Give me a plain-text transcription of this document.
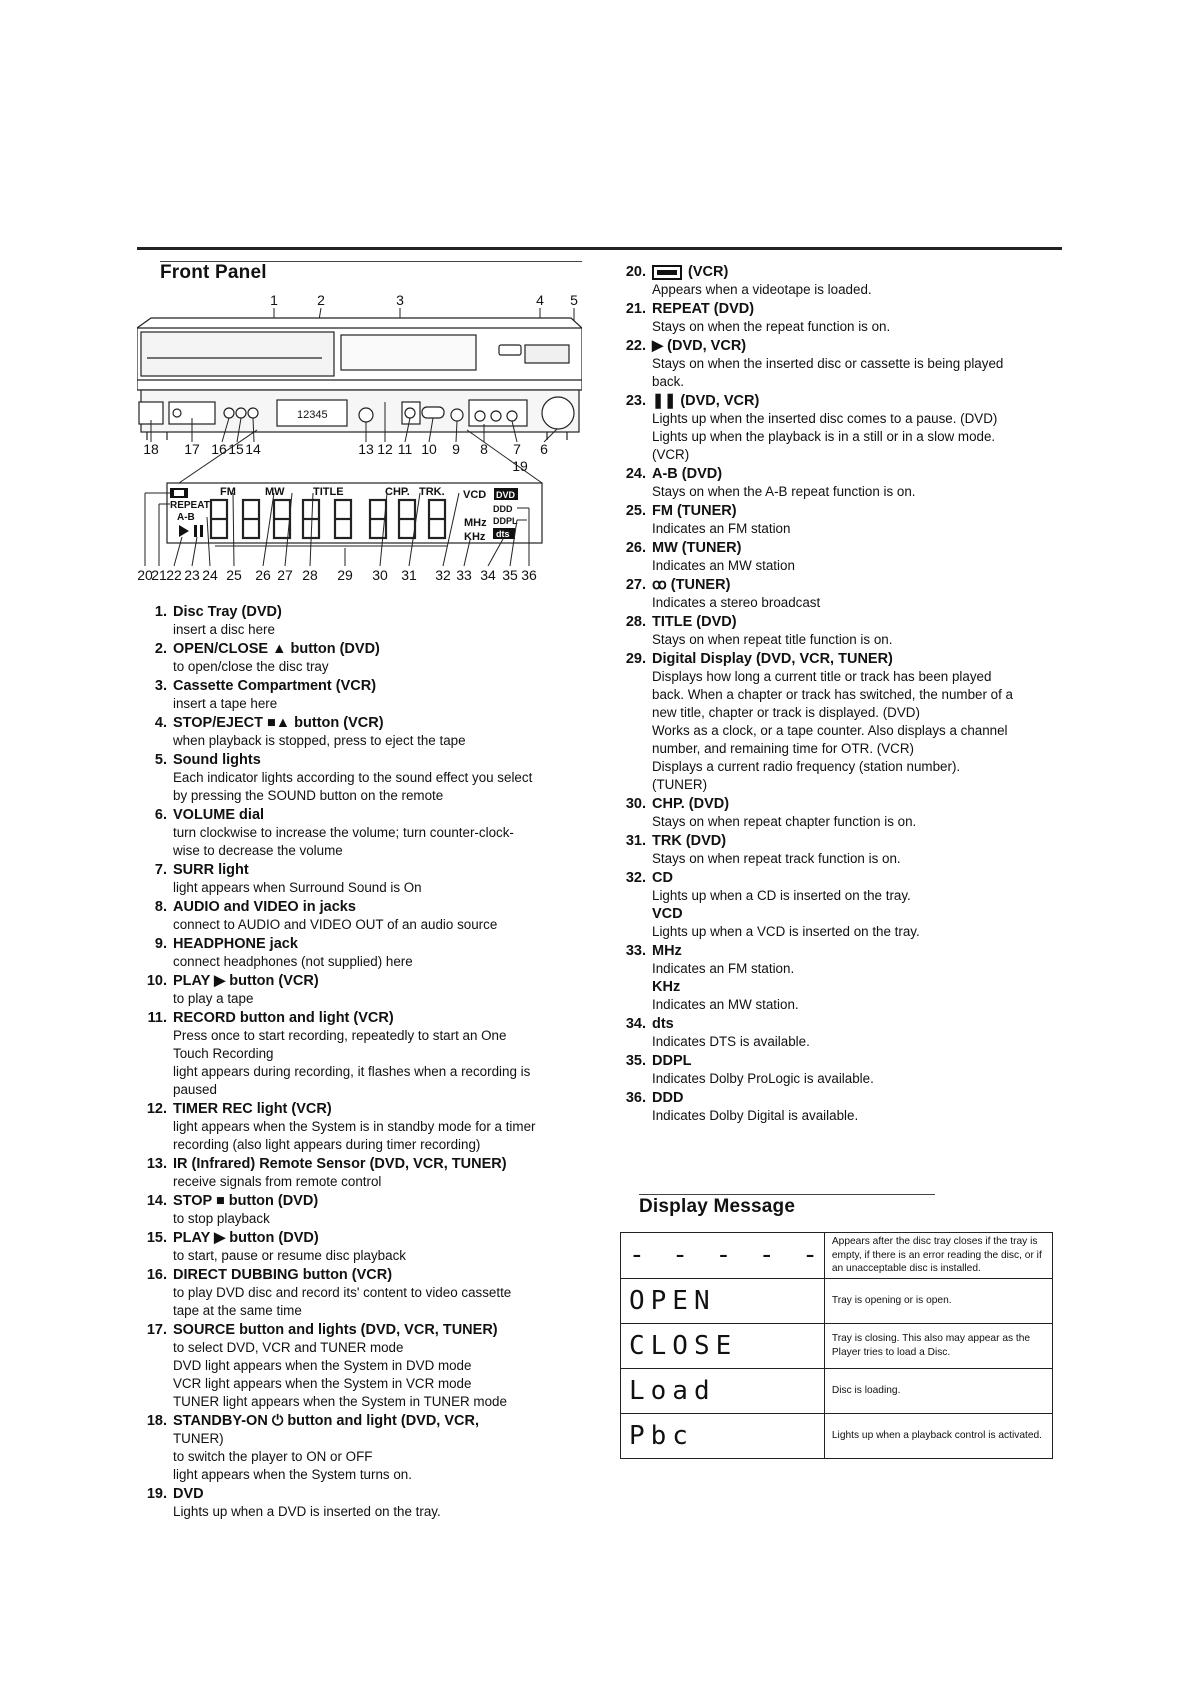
Front Panel
1	2	3	4 5
12345
18 17 16 15 14	13 12 11 10 9 8 7 6
19
FM	MW	TITLE	CHP. TRK. VCD DVD
REPEAT
A-B	MHz
KHz
DDD
DDPL
dts
20
21 22 23 24 25 26 27 28 29 30 31 32 33 34 35 36
1. Disc Tray (DVD)
insert a disc here
2. OPEN/CLOSE ▲ button (DVD)
to open/close the disc tray
3. Cassette Compartment (VCR)
insert a tape here
4. STOP/EJECT ■▲ button (VCR)
when playback is stopped, press to eject the tape
5. Sound lights
Each indicator lights according to the sound effect you select
by pressing the SOUND button on the remote
6. VOLUME dial
turn clockwise to increase the volume; turn counter-clock-
wise to decrease the volume
7. SURR light
light appears when Surround Sound is On
8. AUDIO and VIDEO in jacks
connect to AUDIO and VIDEO OUT of an audio source
9. HEADPHONE jack
connect headphones (not supplied) here
10. PLAY ▶ button (VCR)
to play a tape
11. RECORD button and light (VCR)
Press once to start recording, repeatedly to start an One
Touch Recording
light appears during recording, it flashes when a recording is
paused
12. TIMER REC light (VCR)
light appears when the System is in standby mode for a timer
recording (also light appears during timer recording)
13. IR (Infrared) Remote Sensor (DVD, VCR, TUNER)
receive signals from remote control
14. STOP ■ button (DVD)
to stop playback
15. PLAY ▶ button (DVD)
to start, pause or resume disc playback
16. DIRECT DUBBING button (VCR)
to play DVD disc and record its' content to video cassette
tape at the same time
17. SOURCE button and lights (DVD, VCR, TUNER)
to select DVD, VCR and TUNER mode
DVD light appears when the System in DVD mode
VCR light appears when the System in VCR mode
TUNER light appears when the System in TUNER mode
18. STANDBY-ON ⏻ button and light (DVD, VCR,
TUNER)
to switch the player to ON or OFF
light appears when the System turns on.
19. DVD
Lights up when a DVD is inserted on the tray.
20.	(VCR)
Appears when a videotape is loaded.
21. REPEAT (DVD)
Stays on when the repeat function is on.
22. ▶ (DVD, VCR)
Stays on when the inserted disc or cassette is being played
back.
23. ❚❚ (DVD, VCR)
Lights up when the inserted disc comes to a pause. (DVD)
Lights up when the playback is in a still or in a slow mode.
(VCR)
24. A-B (DVD)
Stays on when the A-B repeat function is on.
25. FM (TUNER)
Indicates an FM station
26. MW (TUNER)
Indicates an MW station
27. ꝏ (TUNER)
Indicates a stereo broadcast
28. TITLE (DVD)
Stays on when repeat title function is on.
29. Digital Display (DVD, VCR, TUNER)
Displays how long a current title or track has been played
back. When a chapter or track has switched, the number of a
new title, chapter or track is displayed. (DVD)
Works as a clock, or a tape counter. Also displays a channel
number, and remaining time for OTR. (VCR)
Displays a current radio frequency (station number).
(TUNER)
30. CHP. (DVD)
Stays on when repeat chapter function is on.
31. TRK (DVD)
Stays on when repeat track function is on.
32. CD
Lights up when a CD is inserted on the tray.
VCD
Lights up when a VCD is inserted on the tray.
33. MHz
Indicates an FM station.
KHz
Indicates an MW station.
34. dts
Indicates DTS is available.
35. DDPL
Indicates Dolby ProLogic is available.
36. DDD
Indicates Dolby Digital is available.
Display Message
- - - - -	Appears after the disc tray closes if the tray is empty, if there is an error reading the disc, or if an unacceptable disc is installed.

OPEN	Tray is opening or is open.

CLOSE	Tray is closing. This also may appear as the Player tries to load a Disc.

Load	Disc is loading.

Pbc	Lights up when a playback control is activated.
